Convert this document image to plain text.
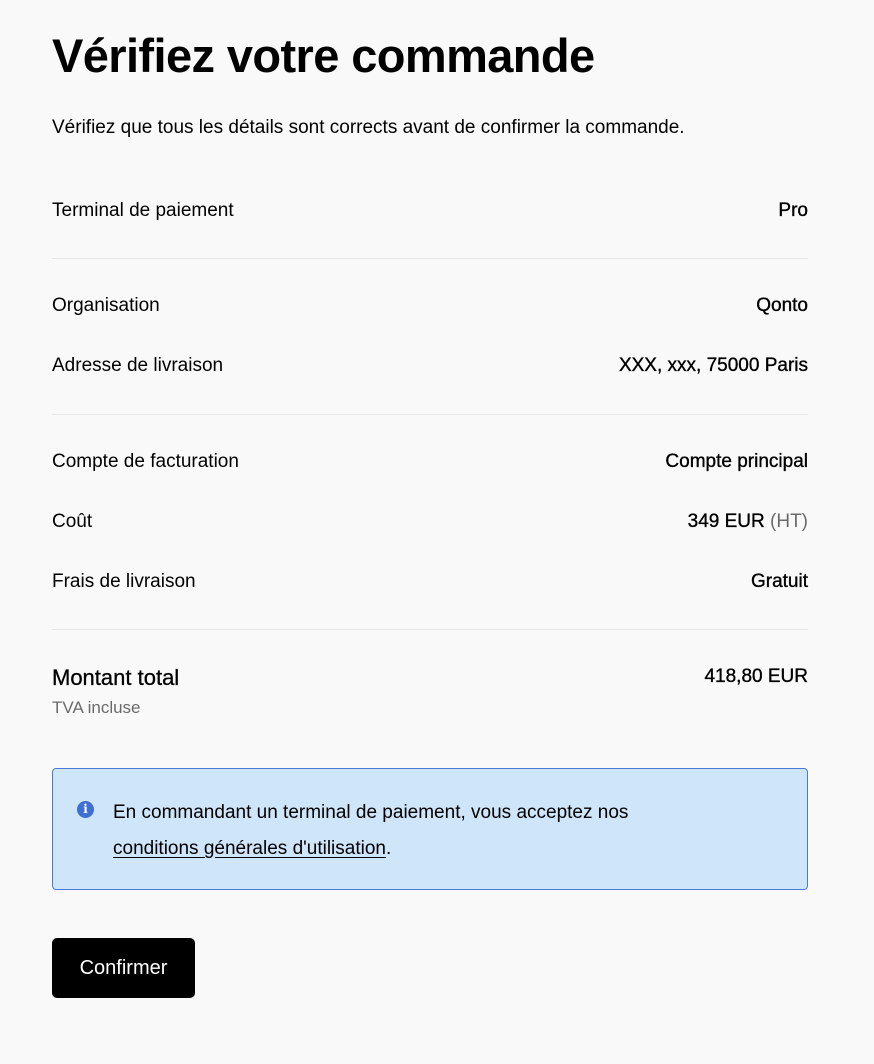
Vérifiez votre commande
Vérifiez que tous les détails sont corrects avant de confirmer la commande.
Terminal de paiement	Pro
Organisation	Qonto
Adresse de livraison	XXX, xxx, 75000 Paris
Compte de facturation	Compte principal
Coût	349 EUR (HT)
Frais de livraison	Gratuit
Montant total	418,80 EUR
TVA incluse
i	En commandant un terminal de paiement, vous acceptez nos
conditions générales d'utilisation.
Confirmer
